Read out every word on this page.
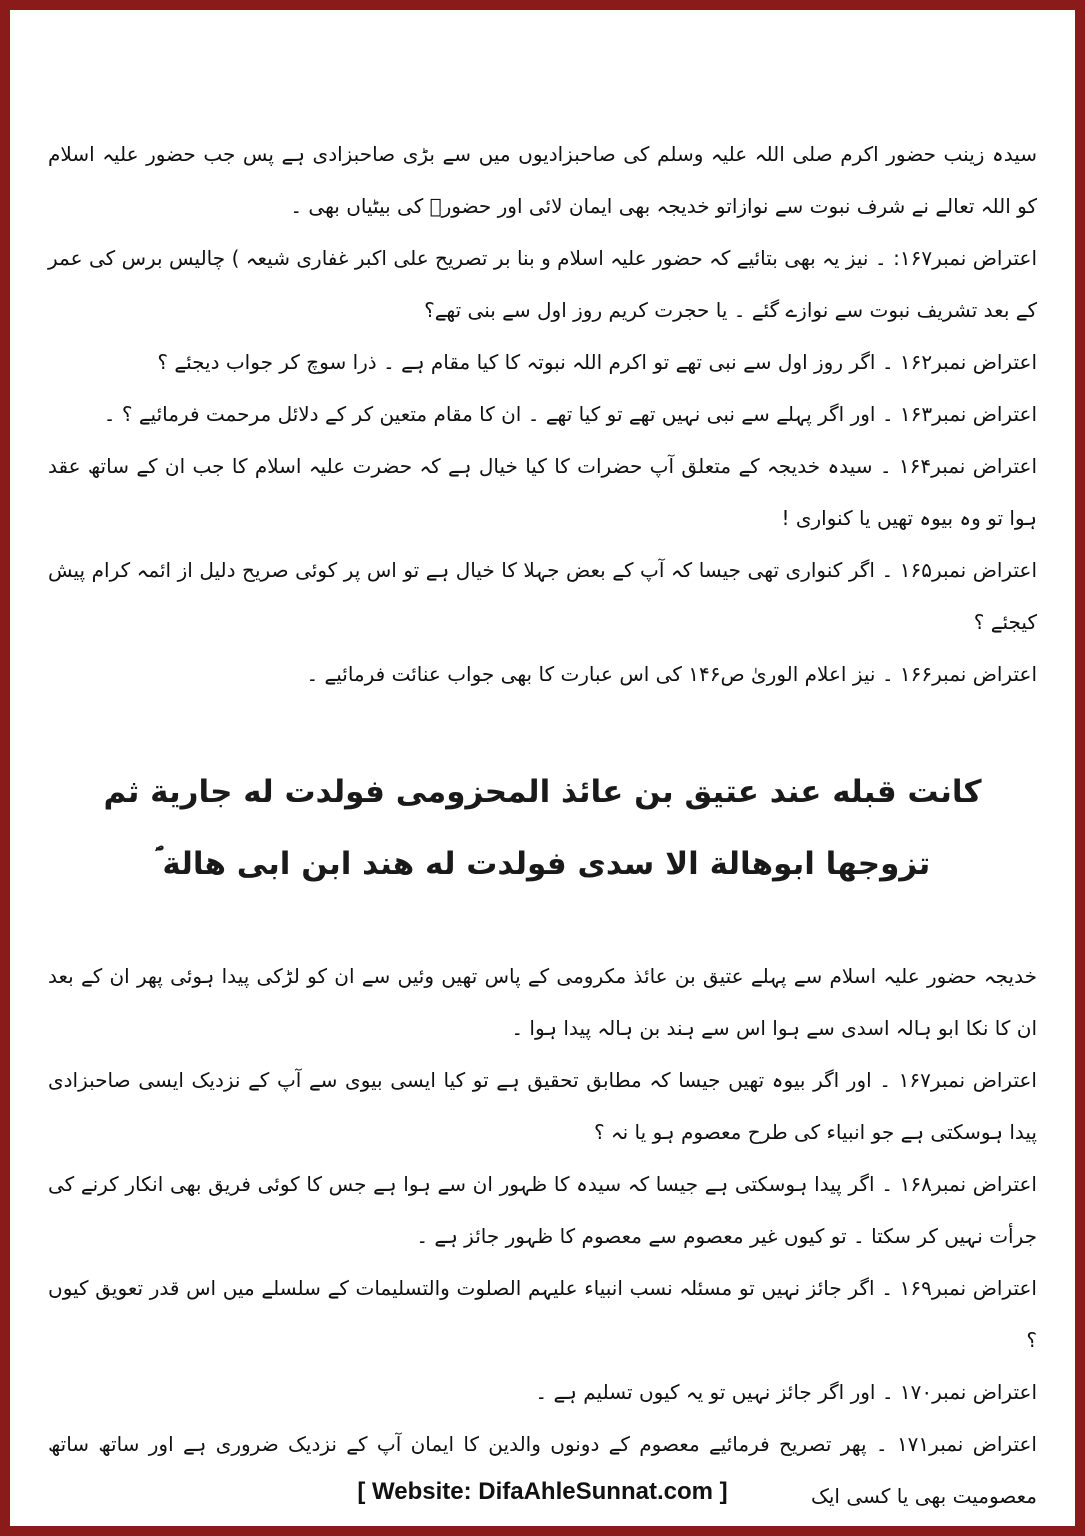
سیدہ زینب حضور اکرم صلی اللہ علیہ وسلم کی صاحبزادیوں میں سے بڑی صاحبزادی ہے پس جب حضور علیہ اسلام کو اللہ تعالے نے شرف نبوت سے نوازاتو خدیجہ بھی ایمان لائی اور حضورؐ کی بیٹیاں بھی ۔

اعتراض نمبر۱۶۷: ۔ نیز یہ بھی بتائیے کہ حضور علیہ اسلام و بنا بر تصریح علی اکبر غفاری شیعہ ) چالیس برس کی عمر کے بعد تشریف نبوت سے نوازے گئے ۔ یا حجرت کریم روز اول سے بنی تھے؟

اعتراض نمبر۱۶۲ ۔ اگر روز اول سے نبی تھے تو اکرم اللہ نبوتہ کا کیا مقام ہے ۔ ذرا سوچ کر جواب دیجئے ؟

اعتراض نمبر۱۶۳ ۔ اور اگر پہلے سے نبی نہیں تھے تو کیا تھے ۔ ان کا مقام متعین کر کے دلائل مرحمت فرمائیے ؟ ۔

اعتراض نمبر۱۶۴ ۔ سیدہ خدیجہ کے متعلق آپ حضرات کا کیا خیال ہے کہ حضرت علیہ اسلام کا جب ان کے ساتھ عقد ہوا تو وہ بیوہ تھیں یا کنواری !

اعتراض نمبر۱۶۵ ۔ اگر کنواری تھی جیسا کہ آپ کے بعض جہلا کا خیال ہے تو اس پر کوئی صریح دلیل از ائمہ کرام پیش کیجئے ؟

اعتراض نمبر۱۶۶ ۔ نیز اعلام الوریٰ ص۱۴۶ کی اس عبارت کا بھی جواب عنائت فرمائیے ۔

کانت قبله عند عتیق بن عائذ المحزومی فولدت له جاریة ثم تزوجها ابوهالة الا سدی فولدت له هند ابن ابی هالة ؐ

خدیجہ حضور علیہ اسلام سے پہلے عتیق بن عائذ مکرومی کے پاس تھیں وئیں سے ان کو لڑکی پیدا ہوئی پھر ان کے بعد ان کا نکا ابو ہالہ اسدی سے ہوا اس سے ہند بن ہالہ پیدا ہوا ۔

اعتراض نمبر۱۶۷ ۔ اور اگر بیوہ تھیں جیسا کہ مطابق تحقیق ہے تو کیا ایسی بیوی سے آپ کے نزدیک ایسی صاحبزادی پیدا ہوسکتی ہے جو انبیاء کی طرح معصوم ہو یا نہ ؟

اعتراض نمبر۱۶۸ ۔ اگر پیدا ہوسکتی ہے جیسا کہ سیدہ کا ظہور ان سے ہوا ہے جس کا کوئی فریق بھی انکار کرنے کی جرأت نہیں کر سکتا ۔ تو کیوں غیر معصوم سے معصوم کا ظہور جائز ہے ۔

اعتراض نمبر۱۶۹ ۔ اگر جائز نہیں تو مسئلہ نسب انبیاء علیہم الصلوت والتسلیمات کے سلسلے میں اس قدر تعویق کیوں ؟

اعتراض نمبر۱۷۰ ۔ اور اگر جائز نہیں تو یہ کیوں تسلیم ہے ۔

اعتراض نمبر۱۷۱ ۔ پھر تصریح فرمائیے معصوم کے دونوں والدین کا ایمان آپ کے نزدیک ضروری ہے اور ساتھ ساتھ معصومیت بھی یا کسی ایک

[ Website: DifaAhleSunnat.com ]
